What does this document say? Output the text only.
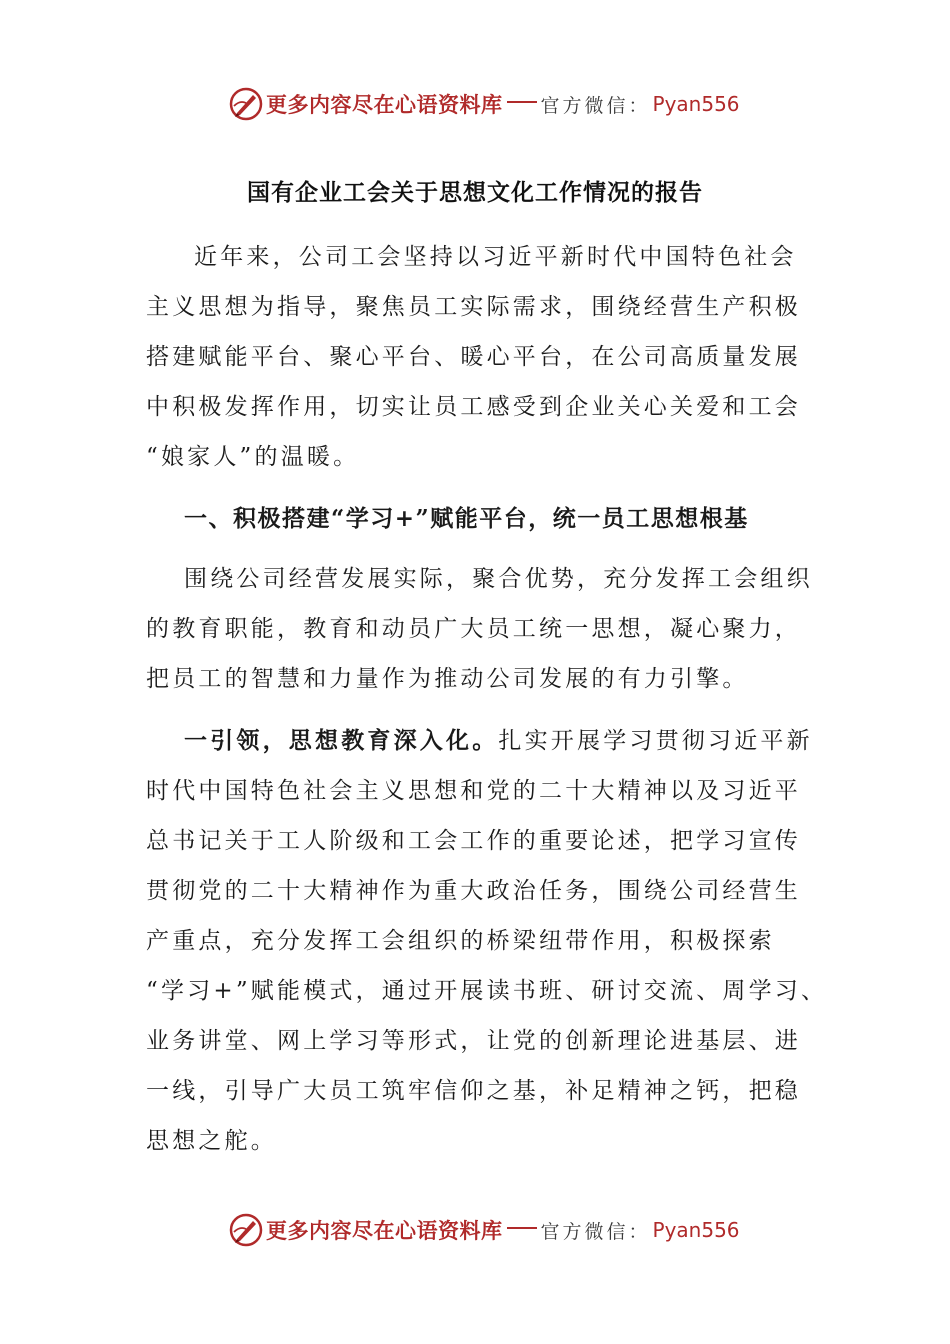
更多内容尽在心语资料库 官方微信： Pyan556
国有企业工会关于思想文化工作情况的报告
近年来，公司工会坚持以习近平新时代中国特色社会
主义思想为指导，聚焦员工实际需求，围绕经营生产积极
搭建赋能平台、聚心平台、暖心平台，在公司高质量发展
中积极发挥作用，切实让员工感受到企业关心关爱和工会
“娘家人”的温暖。
一、积极搭建“学习+”赋能平台，统一员工思想根基
围绕公司经营发展实际，聚合优势，充分发挥工会组织
的教育职能，教育和动员广大员工统一思想，凝心聚力，
把员工的智慧和力量作为推动公司发展的有力引擎。
一引领，思想教育深入化。扎实开展学习贯彻习近平新
时代中国特色社会主义思想和党的二十大精神以及习近平
总书记关于工人阶级和工会工作的重要论述，把学习宣传
贯彻党的二十大精神作为重大政治任务，围绕公司经营生
产重点，充分发挥工会组织的桥梁纽带作用，积极探索
“学习+”赋能模式，通过开展读书班、研讨交流、周学习、
业务讲堂、网上学习等形式，让党的创新理论进基层、进
一线，引导广大员工筑牢信仰之基，补足精神之钙，把稳
思想之舵。
更多内容尽在心语资料库 官方微信： Pyan556
